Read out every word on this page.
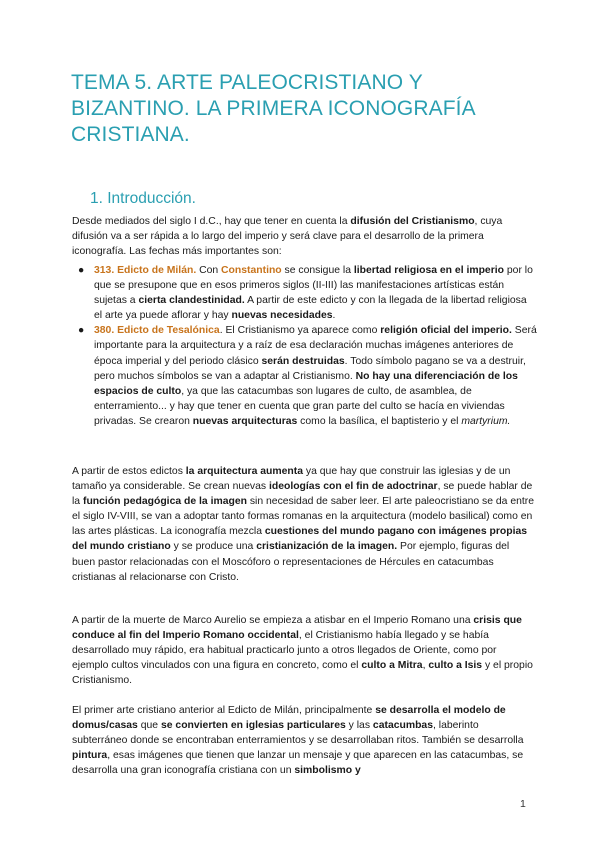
TEMA 5. ARTE PALEOCRISTIANO Y
BIZANTINO. LA PRIMERA ICONOGRAFÍA
CRISTIANA.
1. Introducción.

Desde mediados del siglo I d.C., hay que tener en cuenta la difusión del Cristianismo, cuya difusión va a ser rápida a lo largo del imperio y será clave para el desarrollo de la primera iconografía. Las fechas más importantes son:

● 313. Edicto de Milán. Con Constantino se consigue la libertad religiosa en el imperio por lo que se presupone que en esos primeros siglos (II-III) las manifestaciones artísticas están sujetas a cierta clandestinidad. A partir de este edicto y con la llegada de la libertad religiosa el arte ya puede aflorar y hay nuevas necesidades.
● 380. Edicto de Tesalónica. El Cristianismo ya aparece como religión oficial del imperio. Será importante para la arquitectura y a raíz de esa declaración muchas imágenes anteriores de época imperial y del periodo clásico serán destruidas. Todo símbolo pagano se va a destruir, pero muchos símbolos se van a adaptar al Cristianismo. No hay una diferenciación de los espacios de culto, ya que las catacumbas son lugares de culto, de asamblea, de enterramiento... y hay que tener en cuenta que gran parte del culto se hacía en viviendas privadas. Se crearon nuevas arquitecturas como la basílica, el baptisterio y el martyrium.

A partir de estos edictos la arquitectura aumenta ya que hay que construir las iglesias y de un tamaño ya considerable. Se crean nuevas ideologías con el fin de adoctrinar, se puede hablar de la función pedagógica de la imagen sin necesidad de saber leer. El arte paleocristiano se da entre el siglo IV-VIII, se van a adoptar tanto formas romanas en la arquitectura (modelo basilical) como en las artes plásticas. La iconografía mezcla cuestiones del mundo pagano con imágenes propias del mundo cristiano y se produce una cristianización de la imagen. Por ejemplo, figuras del buen pastor relacionadas con el Moscóforo o representaciones de Hércules en catacumbas cristianas al relacionarse con Cristo.

A partir de la muerte de Marco Aurelio se empieza a atisbar en el Imperio Romano una crisis que conduce al fin del Imperio Romano occidental, el Cristianismo había llegado y se había desarrollado muy rápido, era habitual practicarlo junto a otros llegados de Oriente, como por ejemplo cultos vinculados con una figura en concreto, como el culto a Mitra, culto a Isis y el propio Cristianismo.

El primer arte cristiano anterior al Edicto de Milán, principalmente se desarrolla el modelo de domus/casas que se convierten en iglesias particulares y las catacumbas, laberinto subterráneo donde se encontraban enterramientos y se desarrollaban ritos. También se desarrolla pintura, esas imágenes que tienen que lanzar un mensaje y que aparecen en las catacumbas, se desarrolla una gran iconografía cristiana con un simbolismo y

1
